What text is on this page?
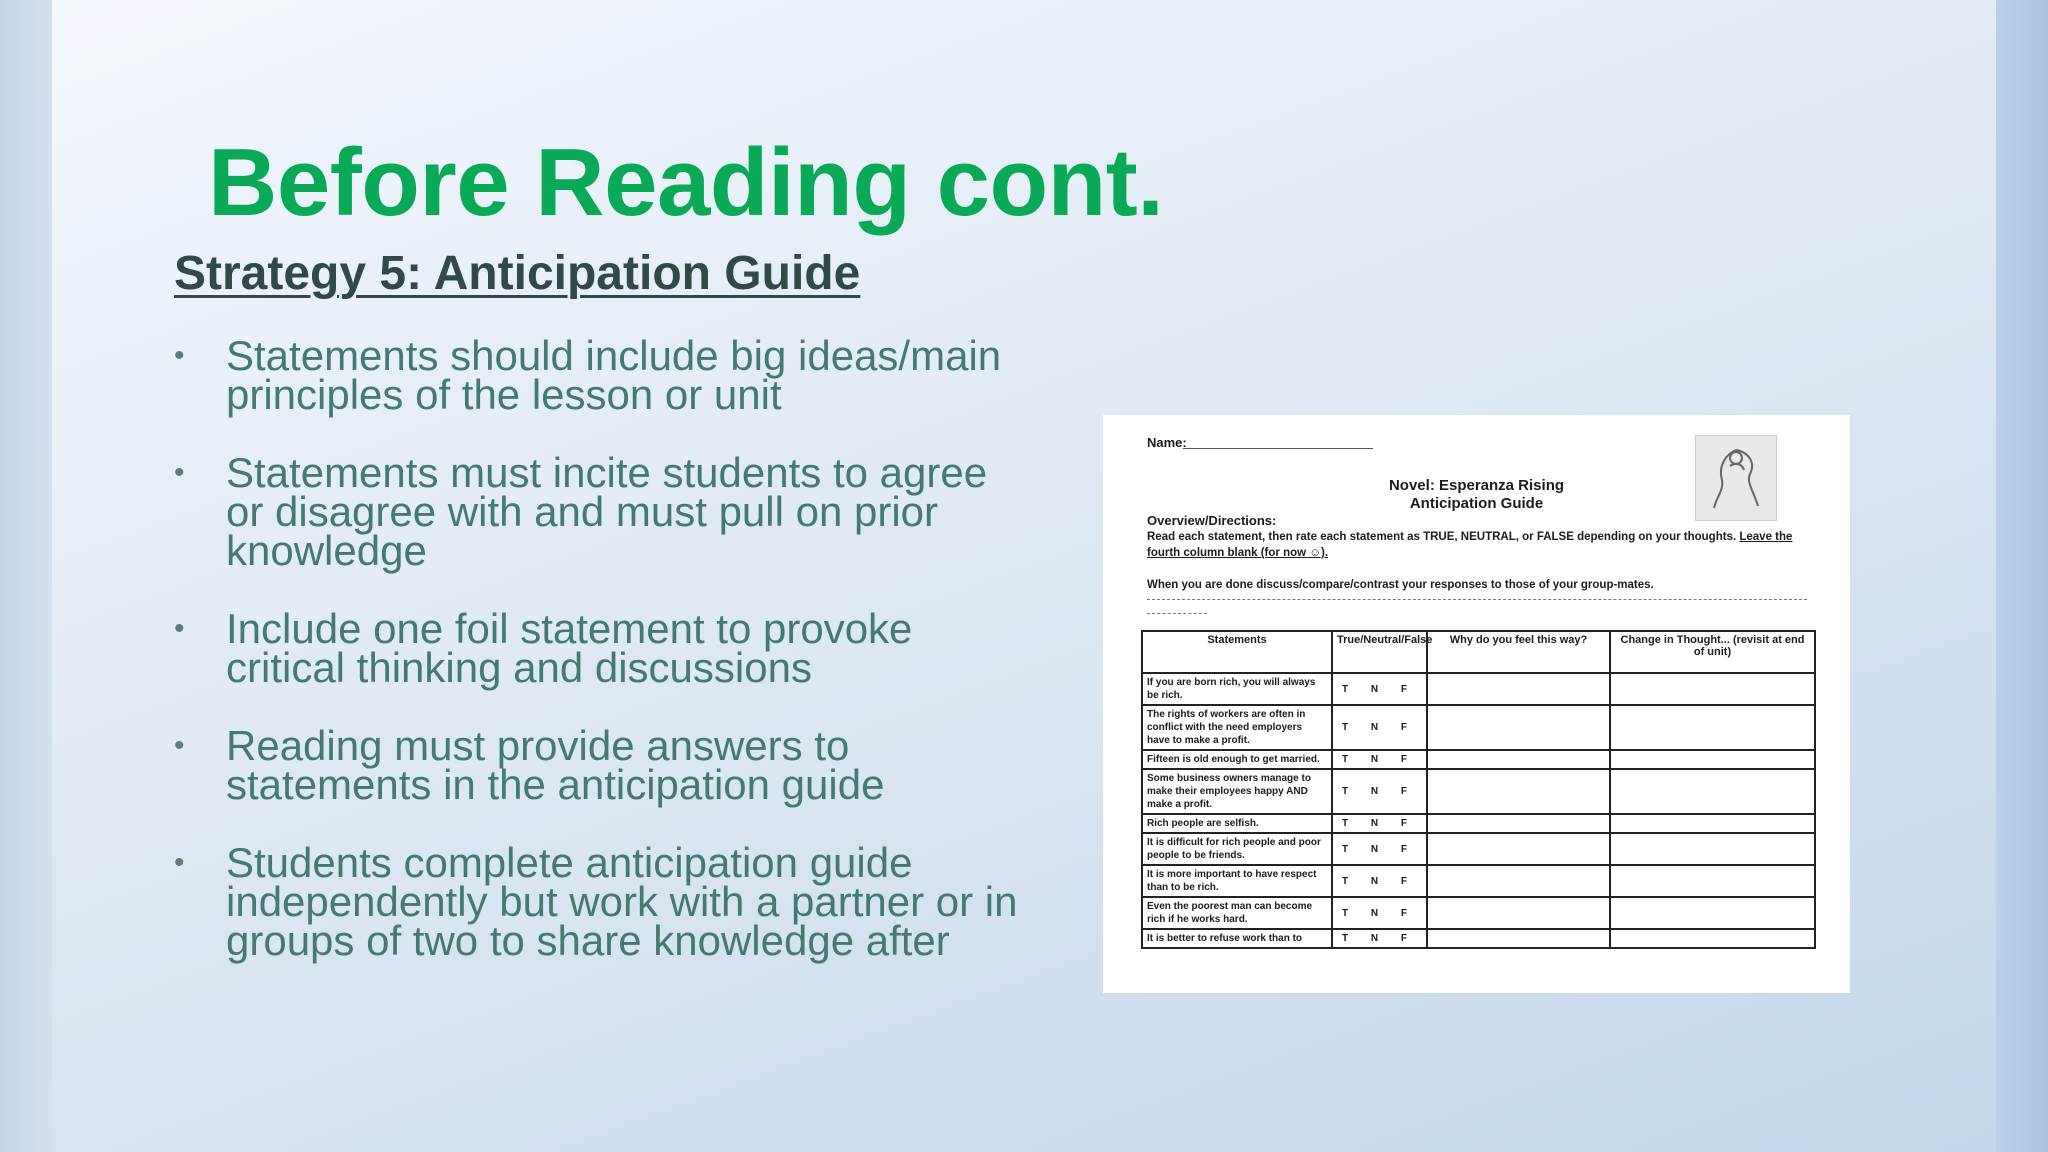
Before Reading cont.
Strategy 5: Anticipation Guide
• Statements should include big ideas/main principles of the lesson or unit
• Statements must incite students to agree or disagree with and must pull on prior knowledge
• Include one foil statement to provoke critical thinking and discussions
• Reading must provide answers to statements in the anticipation guide
• Students complete anticipation guide independently but work with a partner or in groups of two to share knowledge after
Name:
Novel: Esperanza Rising
Anticipation Guide
Overview/Directions:
Read each statement, then rate each statement as TRUE, NEUTRAL, or FALSE depending on your thoughts. Leave the fourth column blank (for now ☺).
When you are done discuss/compare/contrast your responses to those of your group-mates.
Statements	True/Neutral/False	Why do you feel this way?	Change in Thought... (revisit at end of unit)
If you are born rich, you will always be rich.	T N F		
The rights of workers are often in conflict with the need employers have to make a profit.	T N F		
Fifteen is old enough to get married.	T N F		
Some business owners manage to make their employees happy AND make a profit.	T N F		
Rich people are selfish.	T N F		
It is difficult for rich people and poor people to be friends.	T N F		
It is more important to have respect than to be rich.	T N F		
Even the poorest man can become rich if he works hard.	T N F		
It is better to refuse work than to	T N F		
